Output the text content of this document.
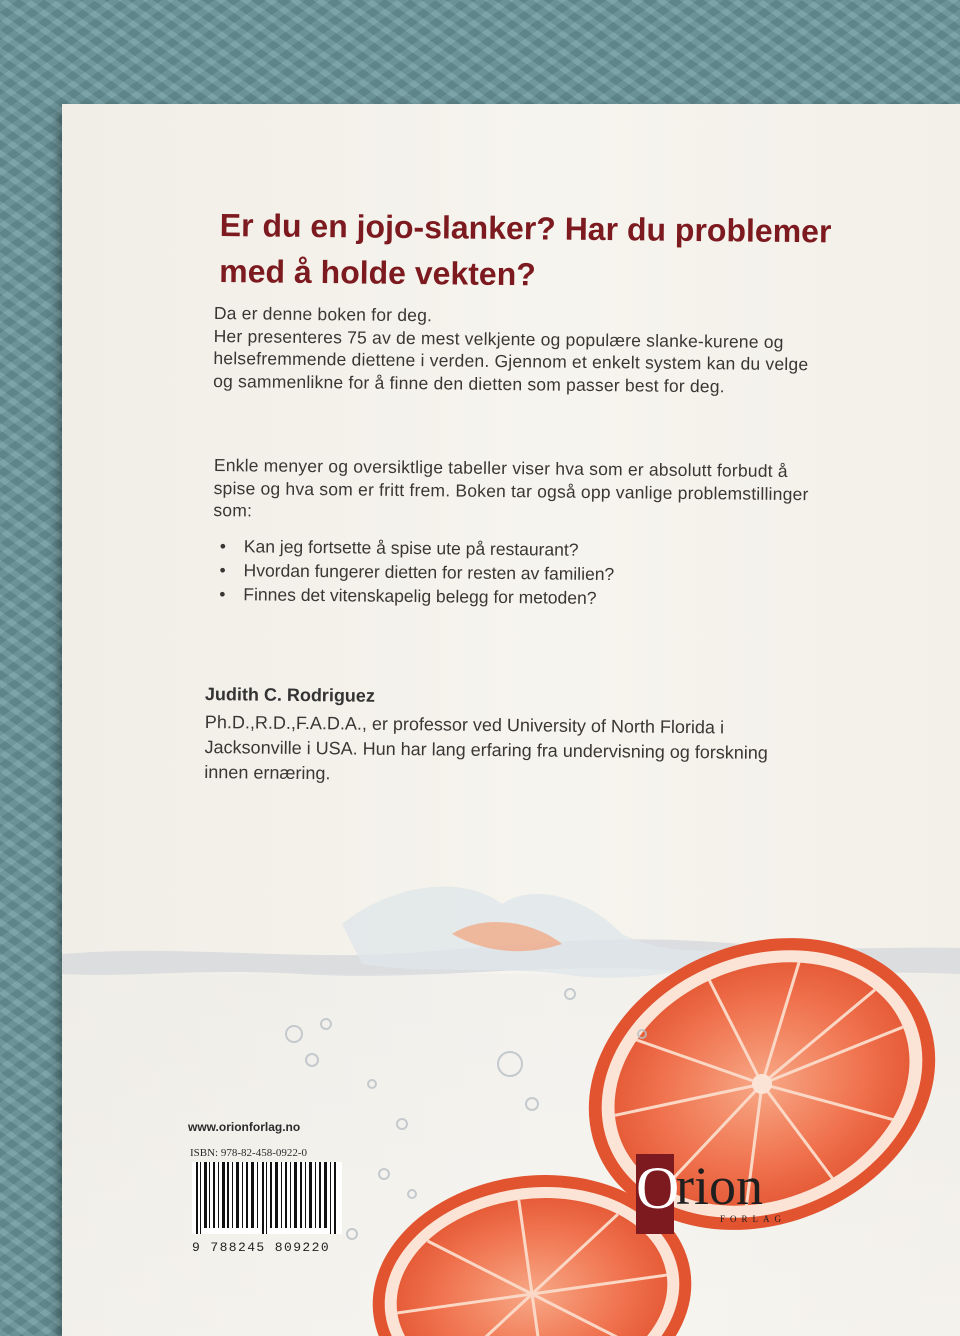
Er du en jojo-slanker? Har du problemer med å holde vekten?

Da er denne boken for deg.
Her presenteres 75 av de mest velkjente og populære slanke-kurene og helsefremmende diettene i verden. Gjennom et enkelt system kan du velge og sammenlikne for å finne den dietten som passer best for deg.

Enkle menyer og oversiktlige tabeller viser hva som er absolutt forbudt å spise og hva som er fritt frem. Boken tar også opp vanlige problemstillinger som:

• Kan jeg fortsette å spise ute på restaurant?
• Hvordan fungerer dietten for resten av familien?
• Finnes det vitenskapelig belegg for metoden?

Judith C. Rodriguez

Ph.D.,R.D.,F.A.D.A., er professor ved University of North Florida i Jacksonville i USA. Hun har lang erfaring fra undervisning og forskning innen ernæring.

www.orionforlag.no

ISBN: 978-82-458-0922-0

9 788245 809220

O

rion

FORLAG
